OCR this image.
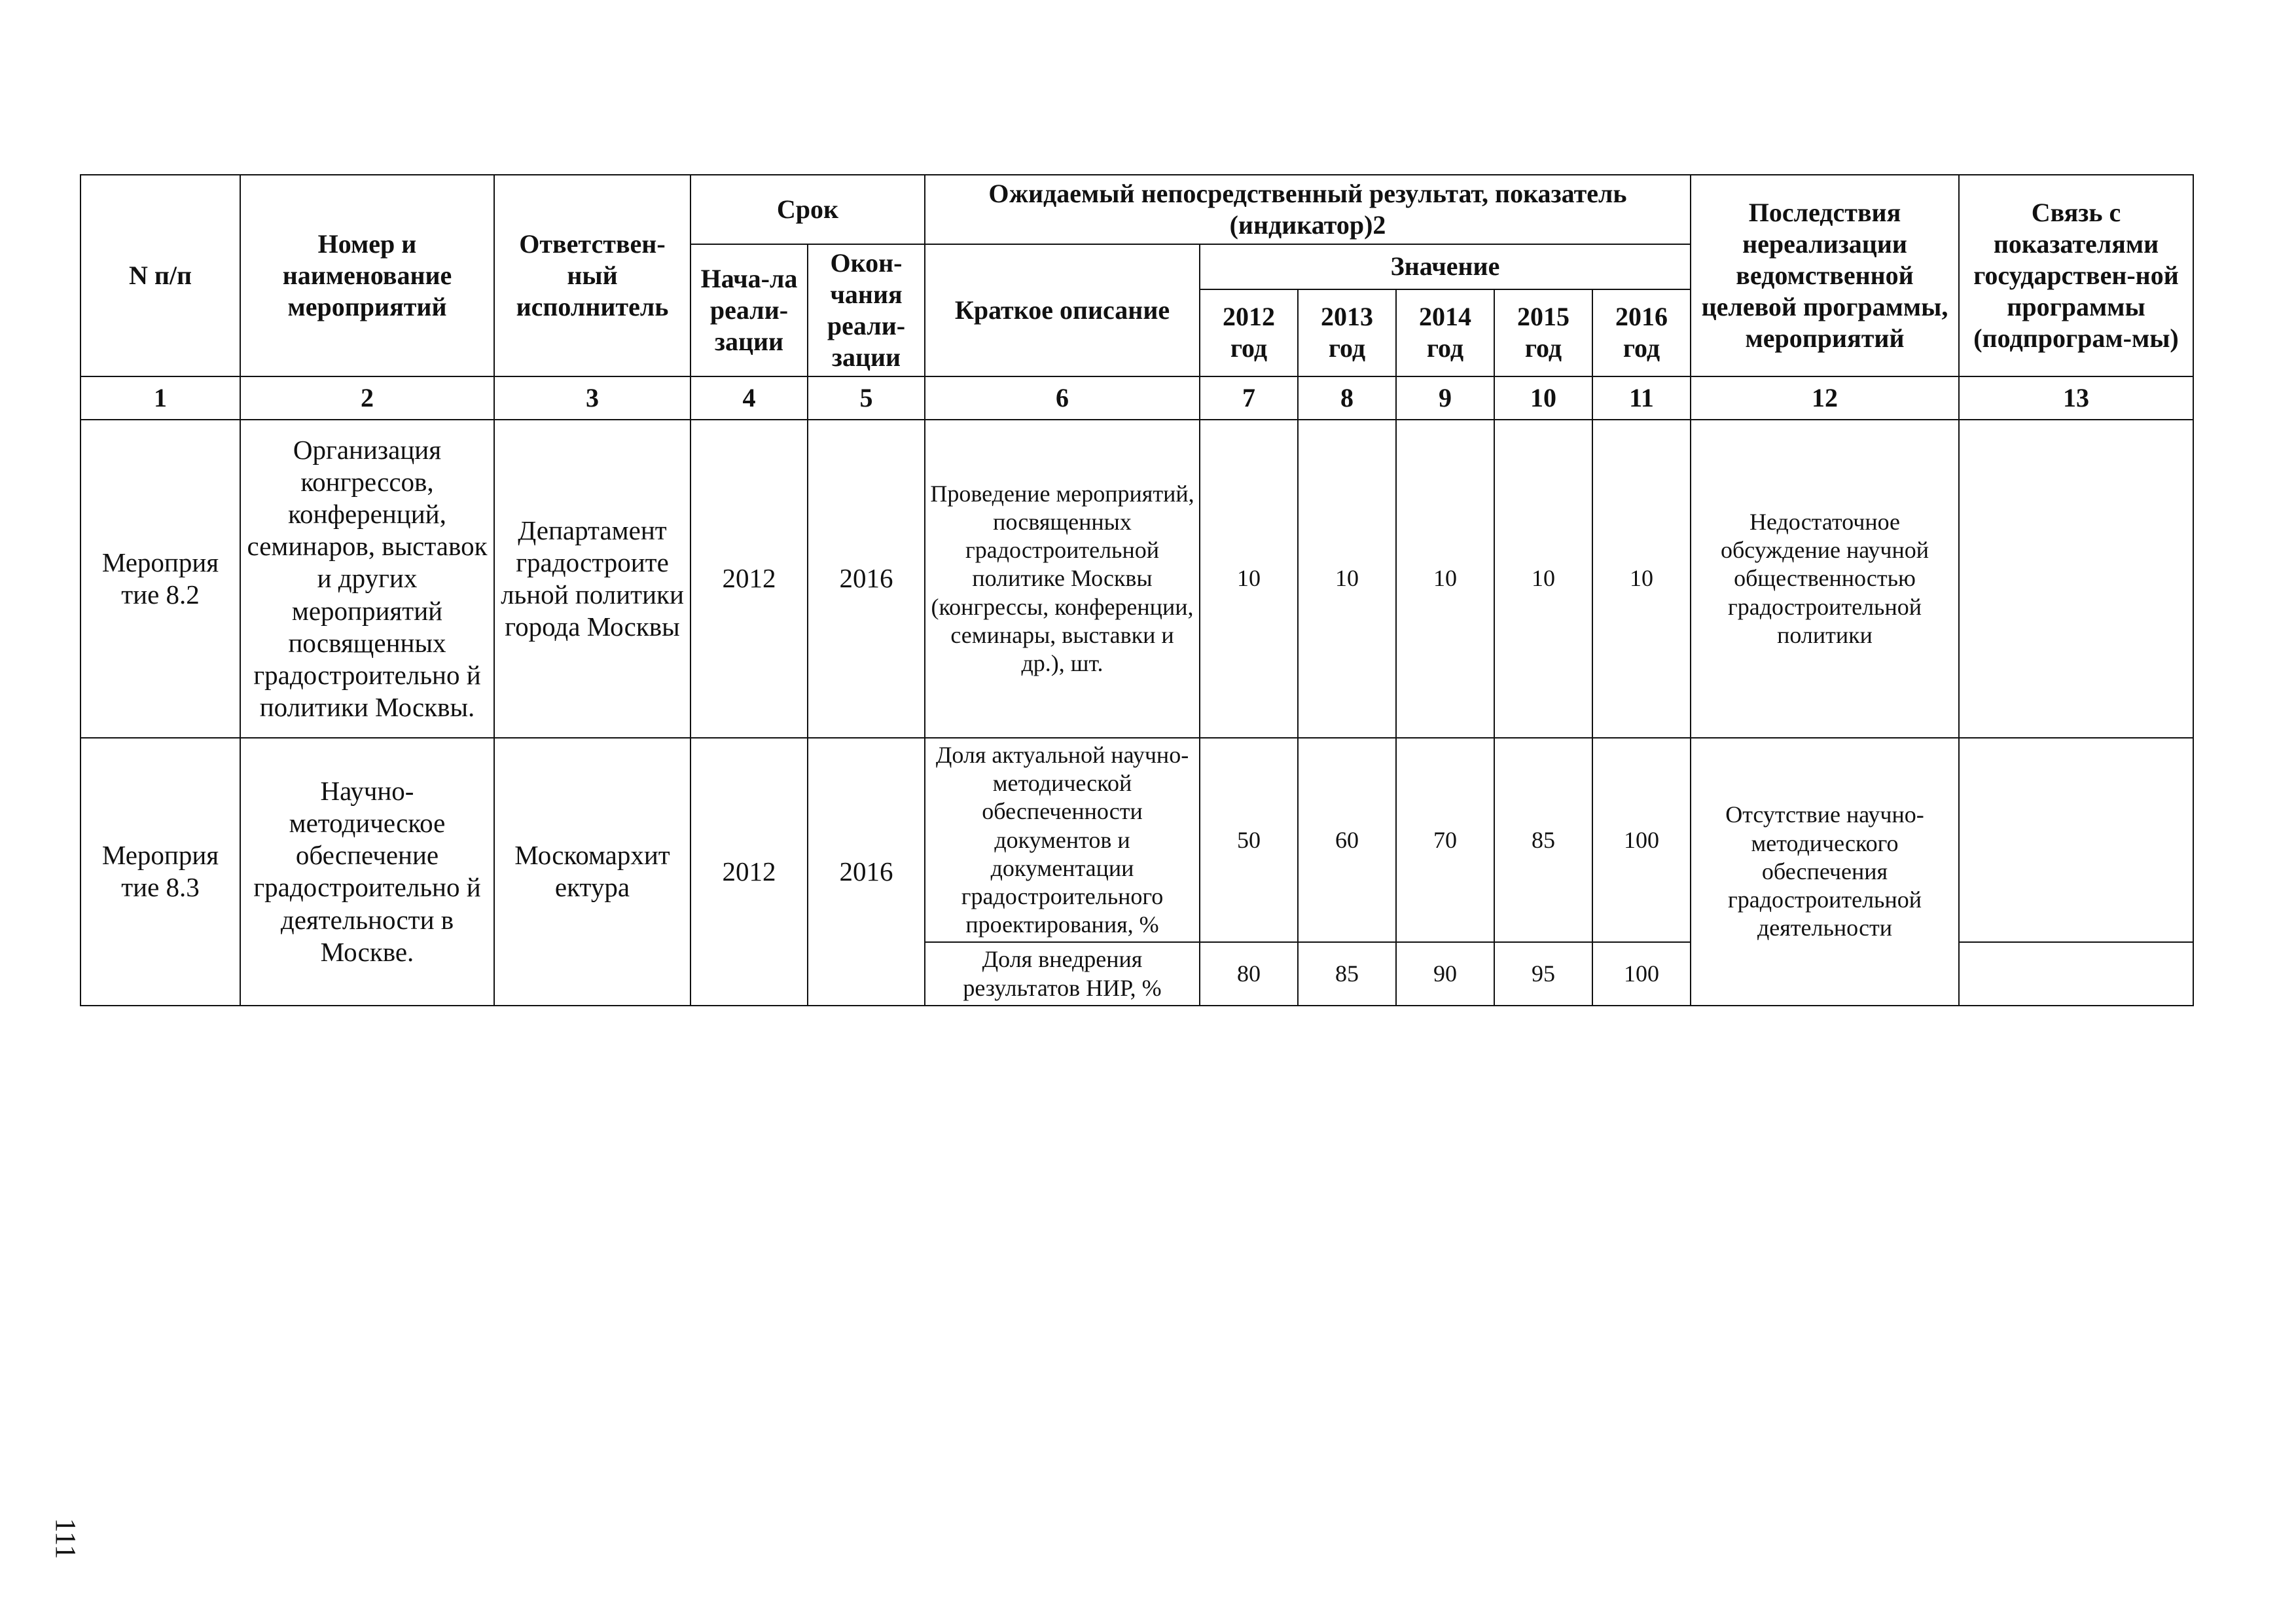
N п/п	Номер и наименование мероприятий	Ответствен-ный исполнитель	Срок		Ожидаемый непосредственный результат, показатель (индикатор)2						Последствия нереализации ведомственной целевой программы, мероприятий	Связь с показателями государствен-ной программы (подпрограм-мы)
			Нача-ла реали-зации	Окон-чания реали-зации	Краткое описание	Значение						
						2012 год	2013 год	2014 год	2015 год	2016 год		
1	2	3	4	5	6	7	8	9	10	11	12	13
Мероприя тие 8.2	Организация конгрессов, конференций, семинаров, выставок и других мероприятий посвященных градостроительно й политики Москвы.	Департамент градостроите льной политики города Москвы	2012	2016	Проведение мероприятий, посвященных градостроительной политике Москвы (конгрессы, конференции, семинары, выставки и др.), шт.	10	10	10	10	10	Недостаточное обсуждение научной общественностью градостроительной политики	
Мероприя тие 8.3	Научно-методическое обеспечение градостроительно й деятельности в Москве.	Москомархит ектура	2012	2016	Доля актуальной научно-методической обеспеченности документов и документации градостроительного проектирования, %	50	60	70	85	100	Отсутствие научно-методического обеспечения градостроительной деятельности	
					Доля внедрения результатов НИР, %	80	85	90	95	100		
111
